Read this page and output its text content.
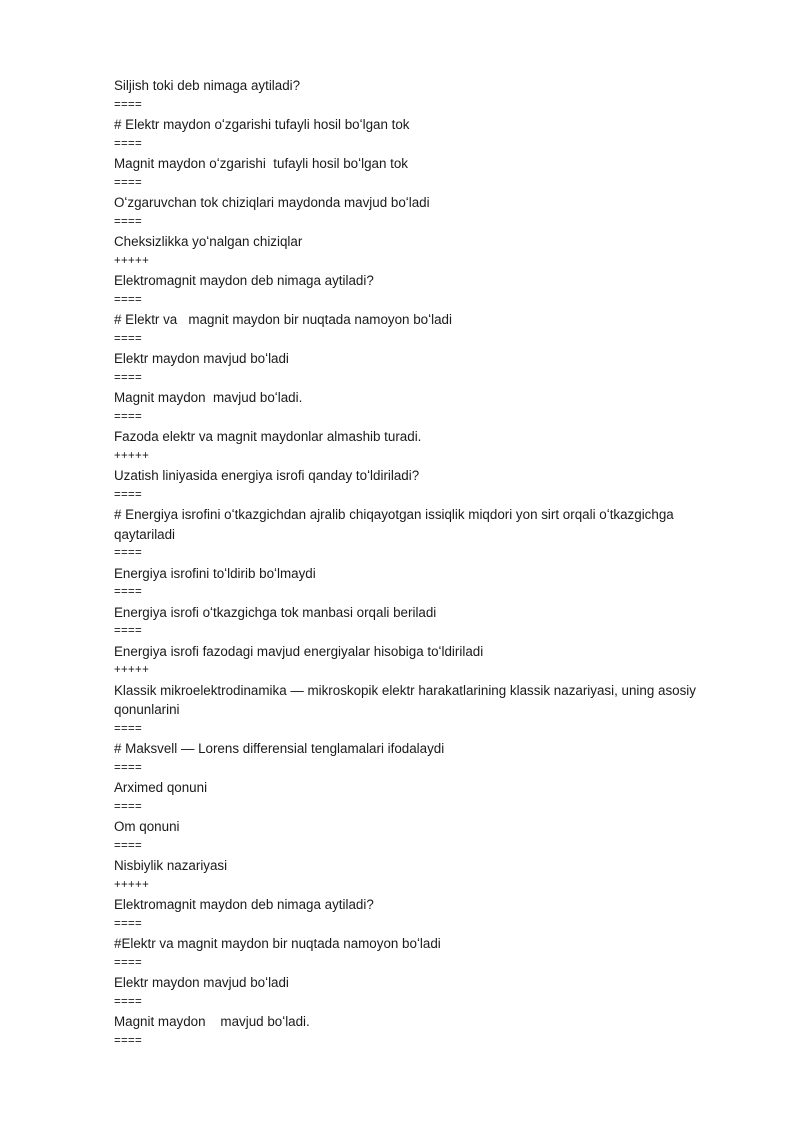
Siljish toki deb nimaga aytiladi?
====
# Elektr maydon oʻzgarishi tufayli hosil boʻlgan tok
====
Magnit maydon oʻzgarishi  tufayli hosil boʻlgan tok
====
Oʻzgaruvchan tok chiziqlari maydonda mavjud boʻladi
====
Cheksizlikka yoʻnalgan chiziqlar
+++++
Elektromagnit maydon deb nimaga aytiladi?
====
# Elektr va   magnit maydon bir nuqtada namoyon boʻladi
====
Elektr maydon mavjud boʻladi
====
Magnit maydon  mavjud boʻladi.
====
Fazoda elektr va magnit maydonlar almashib turadi.
+++++
Uzatish liniyasida energiya isrofi qanday toʻldiriladi?
====
# Energiya isrofini oʻtkazgichdan ajralib chiqayotgan issiqlik miqdori yon sirt orqali oʻtkazgichga qaytariladi
====
Energiya isrofini toʻldirib boʻlmaydi
====
Energiya isrofi oʻtkazgichga tok manbasi orqali beriladi
====
Energiya isrofi fazodagi mavjud energiyalar hisobiga toʻldiriladi
+++++
Klassik mikroelektrodinamika — mikroskopik elektr harakatlarining klassik nazariyasi, uning asosiy qonunlarini
====
# Maksvell — Lorens differensial tenglamalari ifodalaydi
====
Arximed qonuni
====
Om qonuni
====
Nisbiylik nazariyasi
+++++
Elektromagnit maydon deb nimaga aytiladi?
====
#Elektr va magnit maydon bir nuqtada namoyon boʻladi
====
Elektr maydon mavjud boʻladi
====
Magnit maydon    mavjud boʻladi.
====
